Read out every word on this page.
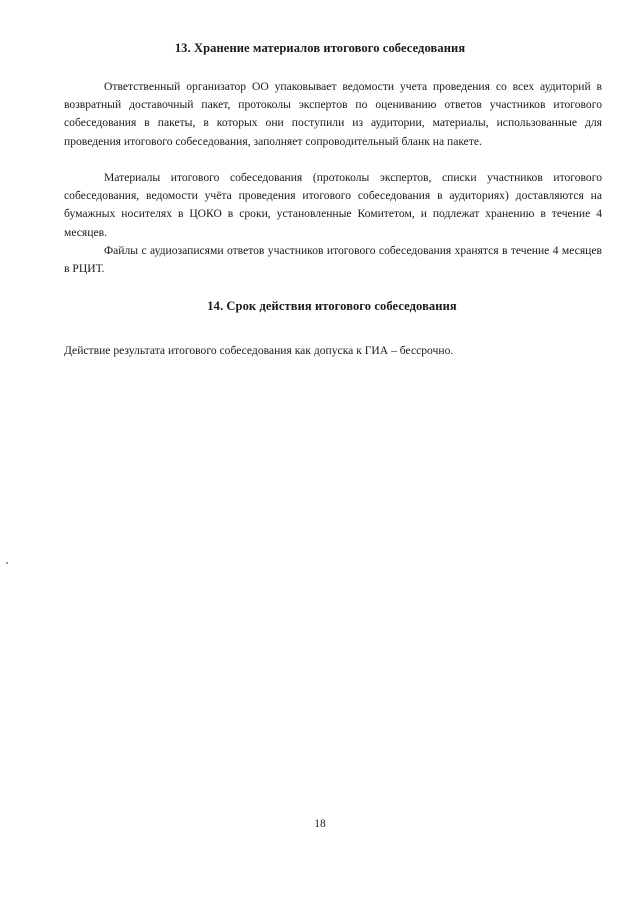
13. Хранение материалов итогового собеседования

Ответственный организатор ОО упаковывает ведомости учета проведения со всех аудиторий в возвратный доставочный пакет, протоколы экспертов по оцениванию ответов участников итогового собеседования в пакеты, в которых они поступили из аудитории, материалы, использованные для проведения итогового собеседования, заполняет сопроводительный бланк на пакете.

Материалы итогового собеседования (протоколы экспертов, списки участников итогового собеседования, ведомости учёта проведения итогового собеседования в аудиториях) доставляются на бумажных носителях в ЦОКО в сроки, установленные Комитетом, и подлежат хранению в течение 4 месяцев.

Файлы с аудиозаписями ответов участников итогового собеседования хранятся в течение 4 месяцев в РЦИТ.

14. Срок действия итогового собеседования

Действие результата итогового собеседования как допуска к ГИА – бессрочно.

18
